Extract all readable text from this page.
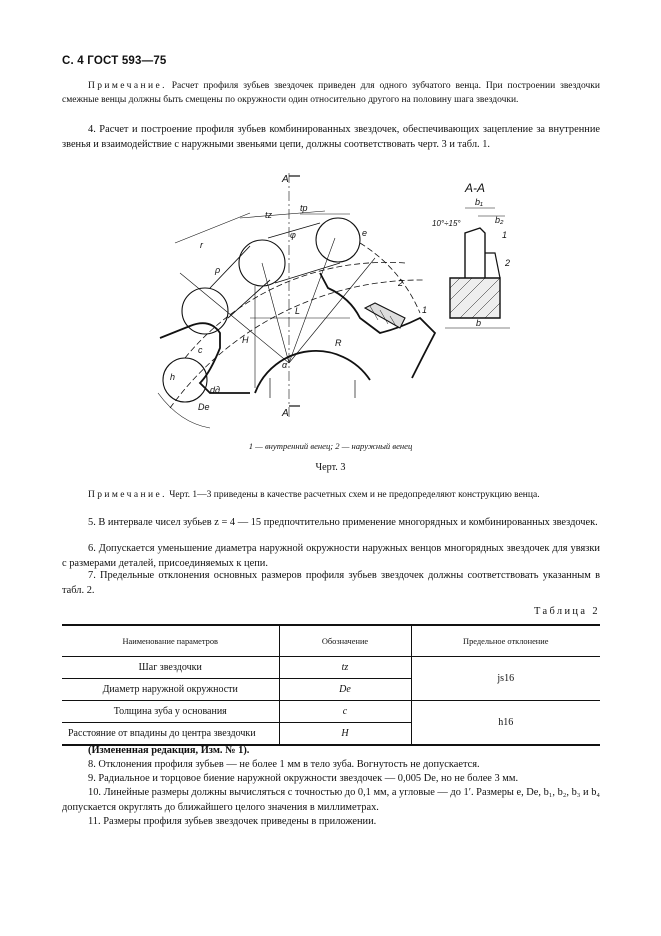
С. 4 ГОСТ 593—75

Примечание. Расчет профиля зубьев звездочек приведен для одного зубчатого венца. При построении звездочки смежные венцы должны быть смещены по окружности один относительно другого на половину шага звездочки.

4. Расчет и построение профиля зубьев комбинированных звездочек, обеспечивающих зацепление за внутренние звенья и взаимодействие с наружными звеньями цепи, должны соответствовать черт. 3 и табл. 1.

А
А
А-А
10°÷15°
b₁
b₂
b
1
2
1
2
tz
tр
r
ρ
φ	e
H
L
c
h
dд
Dе
α
R
1 — внутренний венец; 2 — наружный венец
Черт. 3

Примечание. Черт. 1—3 приведены в качестве расчетных схем и не предопределяют конструкцию венца.

5. В интервале чисел зубьев z = 4 — 15 предпочтительно применение многорядных и комбинированных звездочек.

6. Допускается уменьшение диаметра наружной окружности наружных венцов многорядных звездочек для увязки с размерами деталей, присоединяемых к цепи.

7. Предельные отклонения основных размеров профиля зубьев звездочек должны соответствовать указанным в табл. 2.

Таблица 2
Наименование параметров	Обозначение	Предельное отклонение
Шаг звездочки	tz	js16
Диаметр наружной окружности	Dе	
Толщина зуба у основания	c	h16
Расстояние от впадины до центра звездочки	H	

(Измененная редакция, Изм. № 1).

8. Отклонения профиля зубьев — не более 1 мм в тело зуба. Вогнутость не допускается.

9. Радиальное и торцовое биение наружной окружности звездочек — 0,005 Dе, но не более 3 мм.

10. Линейные размеры должны вычисляться с точностью до 0,1 мм, а угловые — до 1′. Размеры e, Dе, b₁, b₂, b₃ и b₄ допускается округлять до ближайшего целого значения в миллиметрах.

11. Размеры профиля зубьев звездочек приведены в приложении.
